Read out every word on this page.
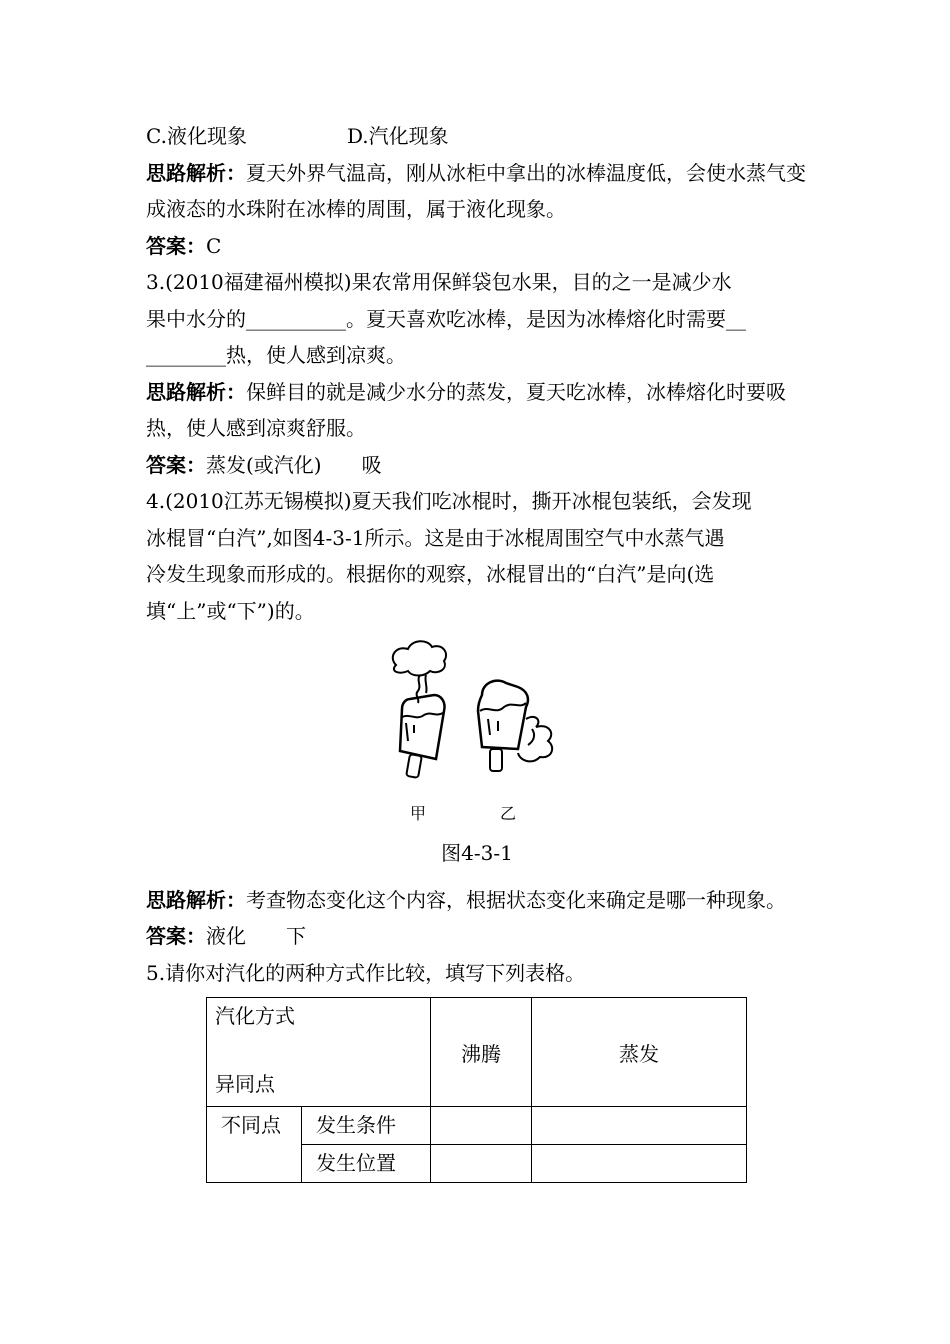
C.液化现象	D.汽化现象

思路解析：夏天外界气温高，刚从冰柜中拿出的冰棒温度低，会使水蒸气变成液态的水珠附在冰棒的周围，属于液化现象。

答案：C

3.(2010福建福州模拟)果农常用保鲜袋包水果，目的之一是减少水

果中水分的__________。夏天喜欢吃冰棒，是因为冰棒熔化时需要__

________热，使人感到凉爽。

思路解析：保鲜目的就是减少水分的蒸发，夏天吃冰棒，冰棒熔化时要吸热，使人感到凉爽舒服。

答案：蒸发(或汽化) 吸

4.(2010江苏无锡模拟)夏天我们吃冰棍时，撕开冰棍包装纸，会发现

冰棍冒“白汽”,如图4-3-1所示。这是由于冰棍周围空气中水蒸气遇

冷发生现象而形成的。根据你的观察，冰棍冒出的“白汽”是向(选

填“上”或“下”)的。

甲	乙

图4-3-1

思路解析：考查物态变化这个内容，根据状态变化来确定是哪一种现象。

答案：液化 下

5.请你对汽化的两种方式作比较，填写下列表格。

汽化方式
异同点		沸腾	蒸发

不同点	发生条件		

	发生位置		
